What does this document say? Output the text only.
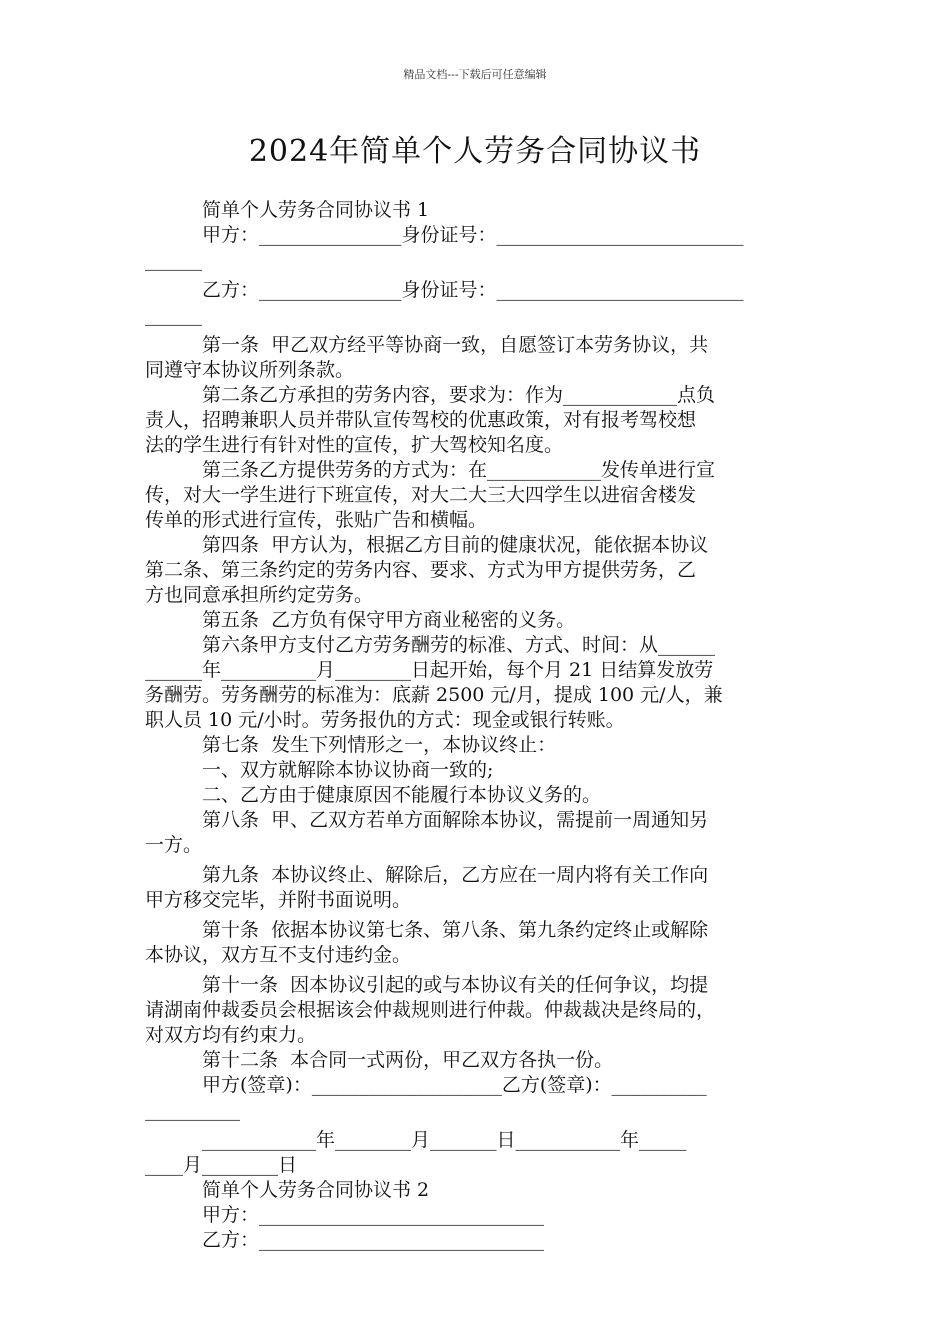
精品文档---下载后可任意编辑
2024年简单个人劳务合同协议书
简单个人劳务合同协议书 1
甲方：_______________身份证号：__________________________
______
乙方：_______________身份证号：__________________________
______
第一条  甲乙双方经平等协商一致，自愿签订本劳务协议，共
同遵守本协议所列条款。
第二条乙方承担的劳务内容，要求为：作为____________点负
责人，招聘兼职人员并带队宣传驾校的优惠政策，对有报考驾校想
法的学生进行有针对性的宣传，扩大驾校知名度。
第三条乙方提供劳务的方式为：在____________发传单进行宣
传，对大一学生进行下班宣传，对大二大三大四学生以进宿舍楼发
传单的形式进行宣传，张贴广告和横幅。
第四条  甲方认为，根据乙方目前的健康状况，能依据本协议
第二条、第三条约定的劳务内容、要求、方式为甲方提供劳务，乙
方也同意承担所约定劳务。
第五条  乙方负有保守甲方商业秘密的义务。
第六条甲方支付乙方劳务酬劳的标准、方式、时间：从______
______年__________月________日起开始，每个月 21 日结算发放劳
务酬劳。劳务酬劳的标准为：底薪 2500 元/月，提成 100 元/人，兼
职人员 10 元/小时。劳务报仇的方式：现金或银行转账。
第七条  发生下列情形之一，本协议终止：
一、双方就解除本协议协商一致的;
二、乙方由于健康原因不能履行本协议义务的。
第八条  甲、乙双方若单方面解除本协议，需提前一周通知另
一方。
第九条  本协议终止、解除后，乙方应在一周内将有关工作向
甲方移交完毕，并附书面说明。
第十条  依据本协议第七条、第八条、第九条约定终止或解除
本协议，双方互不支付违约金。
第十一条  因本协议引起的或与本协议有关的任何争议，均提
请湖南仲裁委员会根据该会仲裁规则进行仲裁。仲裁裁决是终局的，
对双方均有约束力。
第十二条  本合同一式两份，甲乙双方各执一份。
甲方(签章)：____________________乙方(签章)：__________
__________
____________年________月_______日___________年_____
____月________日
简单个人劳务合同协议书 2
甲方：______________________________
乙方：______________________________
